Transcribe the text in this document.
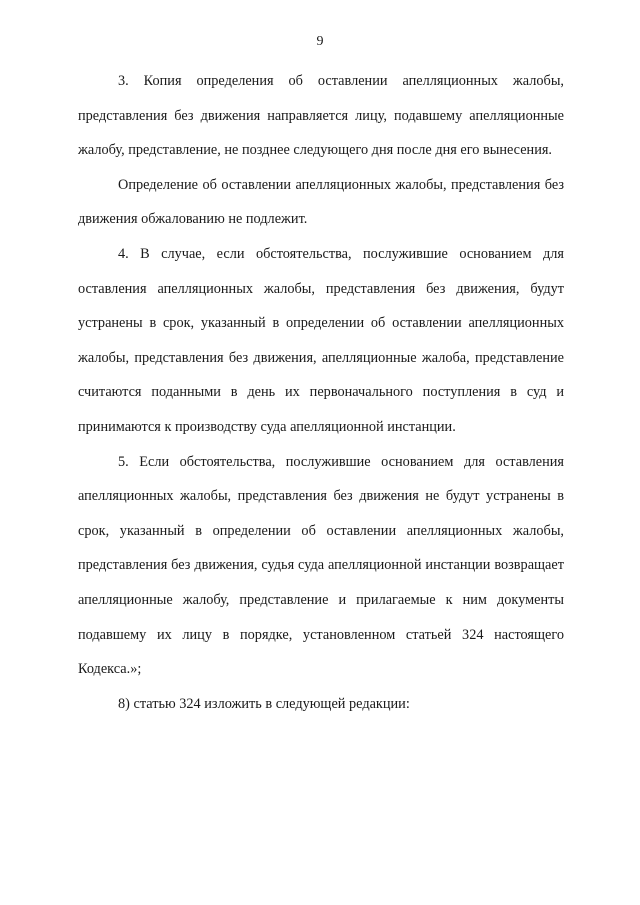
9

3. Копия определения об оставлении апелляционных жалобы, представления без движения направляется лицу, подавшему апелляционные жалобу, представление, не позднее следующего дня после дня его вынесения.

Определение об оставлении апелляционных жалобы, представления без движения обжалованию не подлежит.

4. В случае, если обстоятельства, послужившие основанием для оставления апелляционных жалобы, представления без движения, будут устранены в срок, указанный в определении об оставлении апелляционных жалобы, представления без движения, апелляционные жалоба, представление считаются поданными в день их первоначального поступления в суд и принимаются к производству суда апелляционной инстанции.

5. Если обстоятельства, послужившие основанием для оставления апелляционных жалобы, представления без движения не будут устранены в срок, указанный в определении об оставлении апелляционных жалобы, представления без движения, судья суда апелляционной инстанции возвращает апелляционные жалобу, представление и прилагаемые к ним документы подавшему их лицу в порядке, установленном статьей 324 настоящего Кодекса.»;

8) статью 324 изложить в следующей редакции:
